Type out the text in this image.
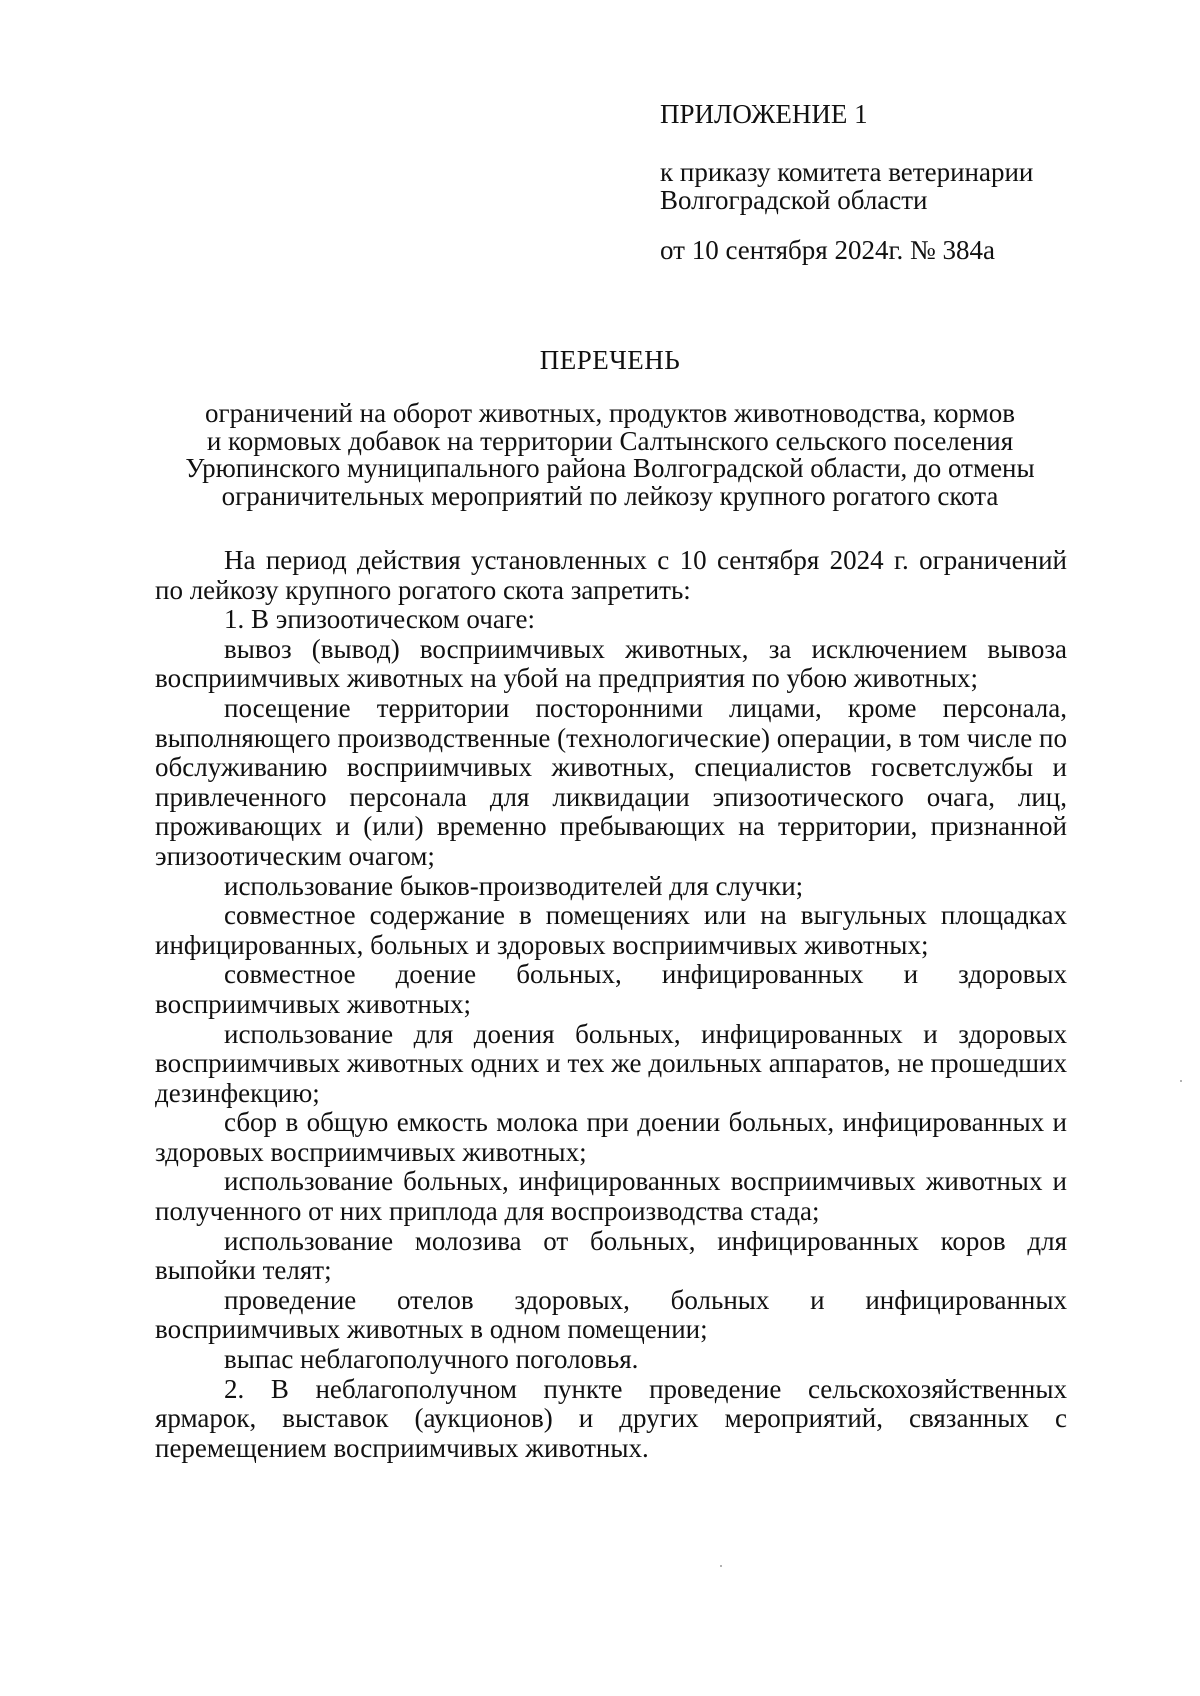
ПРИЛОЖЕНИЕ 1

к приказу комитета ветеринарии
Волгоградской области

от 10 сентября 2024г. № 384а

ПЕРЕЧЕНЬ
ограничений на оборот животных, продуктов животноводства, кормов
и кормовых добавок на территории Салтынского сельского поселения
Урюпинского муниципального района Волгоградской области, до отмены
ограничительных мероприятий по лейкозу крупного рогатого скота

На период действия установленных с 10 сентября 2024 г. ограничений по лейкозу крупного рогатого скота запретить:

1. В эпизоотическом очаге:

вывоз (вывод) восприимчивых животных, за исключением вывоза восприимчивых животных на убой на предприятия по убою животных;

посещение территории посторонними лицами, кроме персонала, выполняющего производственные (технологические) операции, в том числе по обслуживанию восприимчивых животных, специалистов госветслужбы и привлеченного персонала для ликвидации эпизоотического очага, лиц, проживающих и (или) временно пребывающих на территории, признанной эпизоотическим очагом;

использование быков-производителей для случки;

совместное содержание в помещениях или на выгульных площадках инфицированных, больных и здоровых восприимчивых животных;

совместное доение больных, инфицированных и здоровых восприимчивых животных;

использование для доения больных, инфицированных и здоровых восприимчивых животных одних и тех же доильных аппаратов, не прошедших дезинфекцию;

сбор в общую емкость молока при доении больных, инфицированных и здоровых восприимчивых животных;

использование больных, инфицированных восприимчивых животных и полученного от них приплода для воспроизводства стада;

использование молозива от больных, инфицированных коров для выпойки телят;

проведение отелов здоровых, больных и инфицированных восприимчивых животных в одном помещении;

выпас неблагополучного поголовья.

2. В неблагополучном пункте проведение сельскохозяйственных ярмарок, выставок (аукционов) и других мероприятий, связанных с перемещением восприимчивых животных.
